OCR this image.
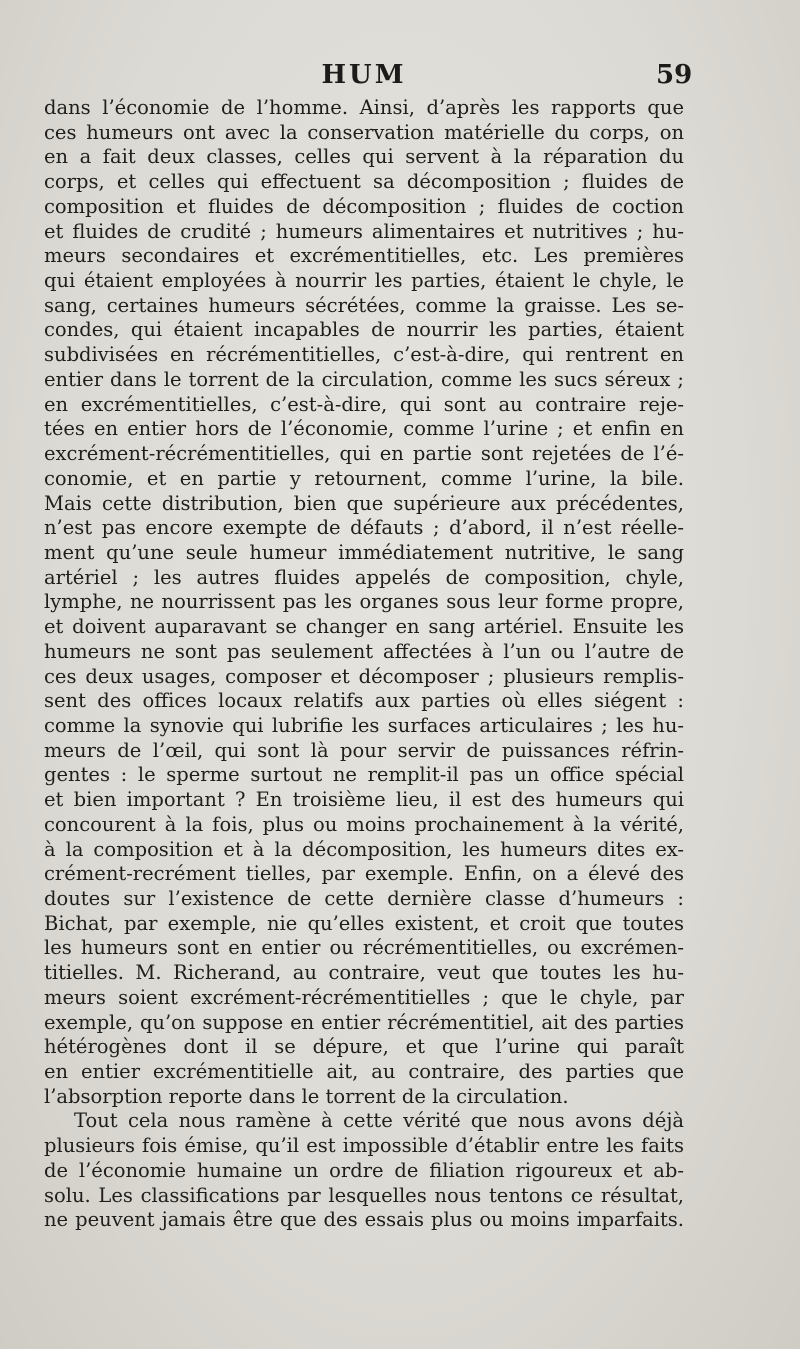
HUM	59
dans l’économie de l’homme. Ainsi, d’après les rapports que
ces humeurs ont avec la conservation matérielle du corps, on
en a fait deux classes, celles qui servent à la réparation du
corps, et celles qui effectuent sa décomposition ; fluides de
composition et fluides de décomposition ; fluides de coction
et fluides de crudité ; humeurs alimentaires et nutritives ; hu-
meurs secondaires et excrémentitielles, etc. Les premières
qui étaient employées à nourrir les parties, étaient le chyle, le
sang, certaines humeurs sécrétées, comme la graisse. Les se-
condes, qui étaient incapables de nourrir les parties, étaient
subdivisées en récrémentitielles, c’est-à-dire, qui rentrent en
entier dans le torrent de la circulation, comme les sucs séreux ;
en excrémentitielles, c’est-à-dire, qui sont au contraire reje-
tées en entier hors de l’économie, comme l’urine ; et enfin en
excrément-récrémentitielles, qui en partie sont rejetées de l’é-
conomie, et en partie y retournent, comme l’urine, la bile.
Mais cette distribution, bien que supérieure aux précédentes,
n’est pas encore exempte de défauts ; d’abord, il n’est réelle-
ment qu’une seule humeur immédiatement nutritive, le sang
artériel ; les autres fluides appelés de composition, chyle,
lymphe, ne nourrissent pas les organes sous leur forme propre,
et doivent auparavant se changer en sang artériel. Ensuite les
humeurs ne sont pas seulement affectées à l’un ou l’autre de
ces deux usages, composer et décomposer ; plusieurs remplis-
sent des offices locaux relatifs aux parties où elles siégent :
comme la synovie qui lubrifie les surfaces articulaires ; les hu-
meurs de l’œil, qui sont là pour servir de puissances réfrin-
gentes : le sperme surtout ne remplit-il pas un office spécial
et bien important ? En troisième lieu, il est des humeurs qui
concourent à la fois, plus ou moins prochainement à la vérité,
à la composition et à la décomposition, les humeurs dites ex-
crément-recrément tielles, par exemple. Enfin, on a élevé des
doutes sur l’existence de cette dernière classe d’humeurs :
Bichat, par exemple, nie qu’elles existent, et croit que toutes
les humeurs sont en entier ou récrémentitielles, ou excrémen-
titielles. M. Richerand, au contraire, veut que toutes les hu-
meurs soient excrément-récrémentitielles ; que le chyle, par
exemple, qu’on suppose en entier récrémentitiel, ait des parties
hétérogènes dont il se dépure, et que l’urine qui paraît
en entier excrémentitielle ait, au contraire, des parties que
l’absorption reporte dans le torrent de la circulation.
Tout cela nous ramène à cette vérité que nous avons déjà
plusieurs fois émise, qu’il est impossible d’établir entre les faits
de l’économie humaine un ordre de filiation rigoureux et ab-
solu. Les classifications par lesquelles nous tentons ce résultat,
ne peuvent jamais être que des essais plus ou moins imparfaits.
